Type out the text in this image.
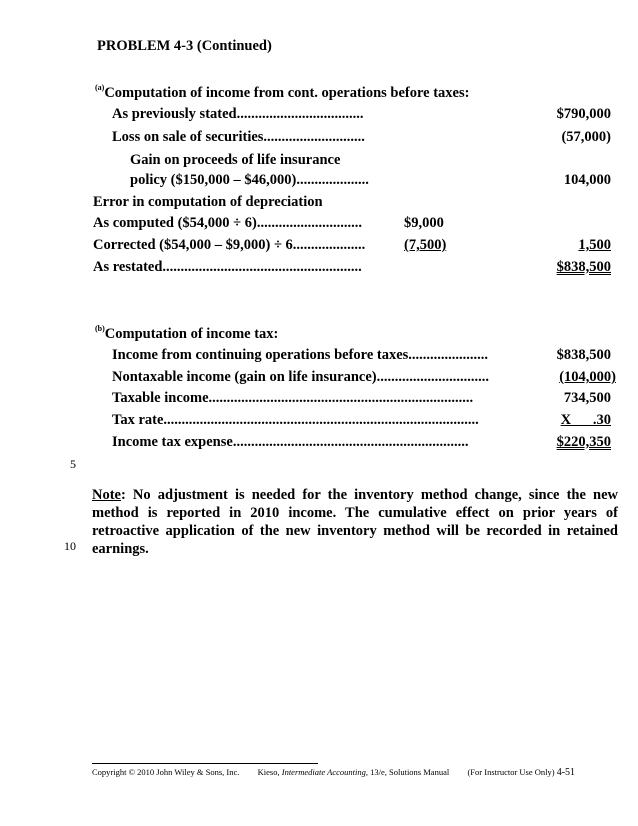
PROBLEM 4-3 (Continued)
$^{(a)}$Computation of income from cont. operations before taxes:
As previously stated...................................	$790,000
Loss on sale of securities............................	(57,000)
Gain on proceeds of life insurance
policy ($150,000 – $46,000)....................	104,000
Error in computation of depreciation
As computed ($54,000 ÷ 6).............................	$9,000
Corrected ($54,000 – $9,000) ÷ 6....................	(7,500)	1,500
As restated.......................................................	$838,500
$^{(b)}$Computation of income tax:
Income from continuing operations before taxes......................	$838,500
Nontaxable income (gain on life insurance)...............................	(104,000)
Taxable income.........................................................................	734,500
Tax rate.......................................................................................	X      .30
Income tax expense.................................................................	$220,350
5
10
Note: No adjustment is needed for the inventory method change, since the new method is reported in 2010 income. The cumulative effect on prior years of retroactive application of the new inventory method will be recorded in retained earnings.
Copyright © 2010 John Wiley & Sons, Inc. Kieso, Intermediate Accounting, 13/e, Solutions Manual (For Instructor Use Only) 4-51
